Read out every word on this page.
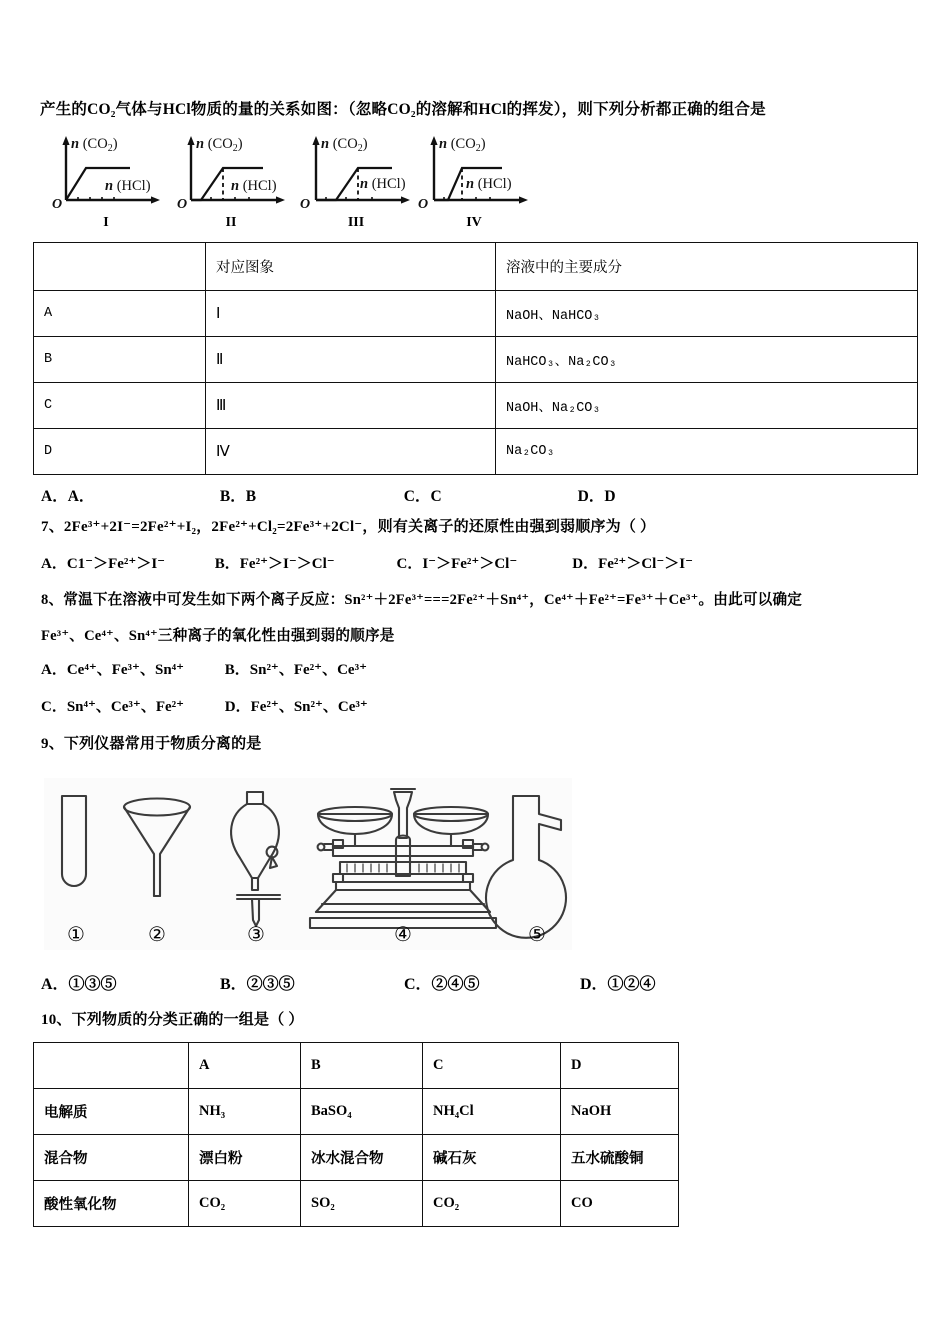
产生的CO₂气体与HCl物质的量的关系如图：（忽略CO₂的溶解和HCl的挥发），则下列分析都正确的组合是
O
n $(CO_2)$
n (HCl)
I
O
n $(CO_2)$
n (HCl)
II
O
n $(CO_2)$
n (HCl)
III
O
n $(CO_2)$
n (HCl)
IV
	对应图象	溶液中的主要成分
A	Ⅰ	NaOH、NaHCO₃
B	Ⅱ	NaHCO₃、Na₂CO₃
C	Ⅲ	NaOH、Na₂CO₃
D	Ⅳ	Na₂CO₃
A．A．	B．B	C．C	D．D
7、2Fe³⁺+2I⁻=2Fe²⁺+I₂，2Fe²⁺+Cl₂=2Fe³⁺+2Cl⁻，则有关离子的还原性由强到弱顺序为（ ）
A．C1⁻＞Fe²⁺＞I⁻	B．Fe²⁺＞I⁻＞Cl⁻	C．I⁻＞Fe²⁺＞Cl⁻	D．Fe²⁺＞Cl⁻＞I⁻
8、常温下在溶液中可发生如下两个离子反应：Sn²⁺＋2Fe³⁺===2Fe²⁺＋Sn⁴⁺，Ce⁴⁺＋Fe²⁺=Fe³⁺＋Ce³⁺。由此可以确定
Fe³⁺、Ce⁴⁺、Sn⁴⁺三种离子的氧化性由强到弱的顺序是
A．Ce⁴⁺、Fe³⁺、Sn⁴⁺	B．Sn²⁺、Fe²⁺、Ce³⁺
C．Sn⁴⁺、Ce³⁺、Fe²⁺	D．Fe²⁺、Sn²⁺、Ce³⁺
9、下列仪器常用于物质分离的是
①	②	③	④	⑤
A．①③⑤	B．②③⑤	C．②④⑤	D．①②④
10、下列物质的分类正确的一组是（ ）
	A	B	C	D
电解质	NH₃	BaSO₄	NH₄Cl	NaOH
混合物	漂白粉	冰水混合物	碱石灰	五水硫酸铜
酸性氧化物	CO₂	SO₂	CO₂	CO
